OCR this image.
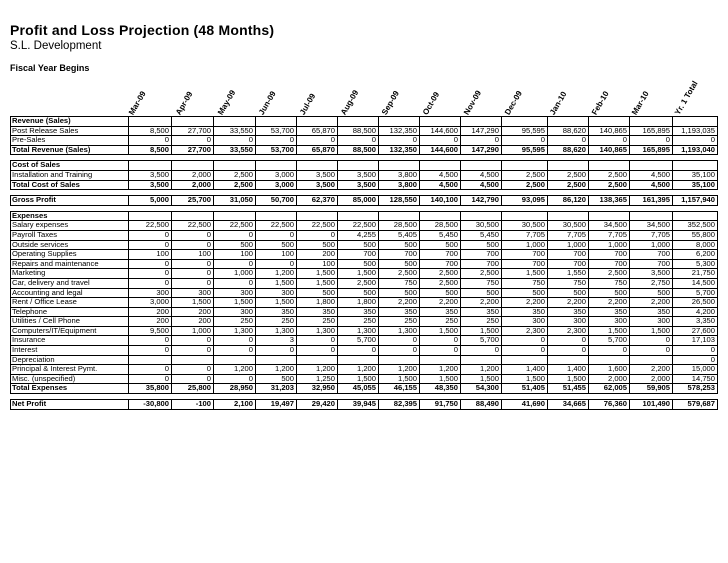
Profit and Loss Projection (48 Months)
S.L. Development
Fiscal Year Begins
Mar-09	Apr-09	May-09 Jun-09	Jul-09	Aug-09 Sep-09	Oct-09	Nov-09 Dec-09	Jan-10	Feb-10 Mar-10	Yr. 1 Total
Revenue (Sales)														
Post Release Sales	8,500	27,700	33,550	53,700	65,870	88,500	132,350	144,600	147,290	95,595	88,620	140,865	165,895	1,193,035
Pre-Sales	0	0	0	0	0	0	0	0	0	0	0	0	0	0
Total Revenue (Sales)	8,500	27,700	33,550	53,700	65,870	88,500	132,350	144,600	147,290	95,595	88,620	140,865	165,895	1,193,040

Cost of Sales														
Installation and Training	3,500	2,000	2,500	3,000	3,500	3,500	3,800	4,500	4,500	2,500	2,500	2,500	4,500	35,100
Total Cost of Sales	3,500	2,000	2,500	3,000	3,500	3,500	3,800	4,500	4,500	2,500	2,500	2,500	4,500	35,100

Gross Profit	5,000	25,700	31,050	50,700	62,370	85,000	128,550	140,100	142,790	93,095	86,120	138,365	161,395	1,157,940

Expenses														
Salary expenses	22,500	22,500	22,500	22,500	22,500	22,500	28,500	28,500	30,500	30,500	30,500	34,500	34,500	352,500
Payroll Taxes	0	0	0	0	0	4,255	5,405	5,450	5,450	7,705	7,705	7,705	7,705	55,800
Outside services	0	0	500	500	500	500	500	500	500	1,000	1,000	1,000	1,000	8,000
Operating Supplies	100	100	100	100	200	700	700	700	700	700	700	700	700	6,200
Repairs and maintenance	0	0	0	0	100	500	500	700	700	700	700	700	700	5,300
Marketing	0	0	1,000	1,200	1,500	1,500	2,500	2,500	2,500	1,500	1,550	2,500	3,500	21,750
Car, delivery and travel	0	0	0	1,500	1,500	2,500	750	2,500	750	750	750	750	2,750	14,500
Accounting and legal	300	300	300	300	500	500	500	500	500	500	500	500	500	5,700
Rent / Office Lease	3,000	1,500	1,500	1,500	1,800	1,800	2,200	2,200	2,200	2,200	2,200	2,200	2,200	26,500
Telephone	200	200	300	350	350	350	350	350	350	350	350	350	350	4,200
Utilities / Cell Phone	200	200	250	250	250	250	250	250	250	300	300	300	300	3,350
Computers/IT/Equipment	9,500	1,000	1,300	1,300	1,300	1,300	1,300	1,500	1,500	2,300	2,300	1,500	1,500	27,600
Insurance	0	0	0	3	0	5,700	0	0	5,700	0	0	5,700	0	17,103
Interest	0	0	0	0	0	0	0	0	0	0	0	0	0	0
Depreciation														0
Principal & Interest Pymt.	0	0	1,200	1,200	1,200	1,200	1,200	1,200	1,200	1,400	1,400	1,600	2,200	15,000
Misc. (unspecified)	0	0	0	500	1,250	1,500	1,500	1,500	1,500	1,500	1,500	2,000	2,000	14,750
Total Expenses	35,800	25,800	28,950	31,203	32,950	45,055	46,155	48,350	54,300	51,405	51,455	62,005	59,905	578,253

Net Profit	-30,800	-100	2,100	19,497	29,420	39,945	82,395	91,750	88,490	41,690	34,665	76,360	101,490	579,687
